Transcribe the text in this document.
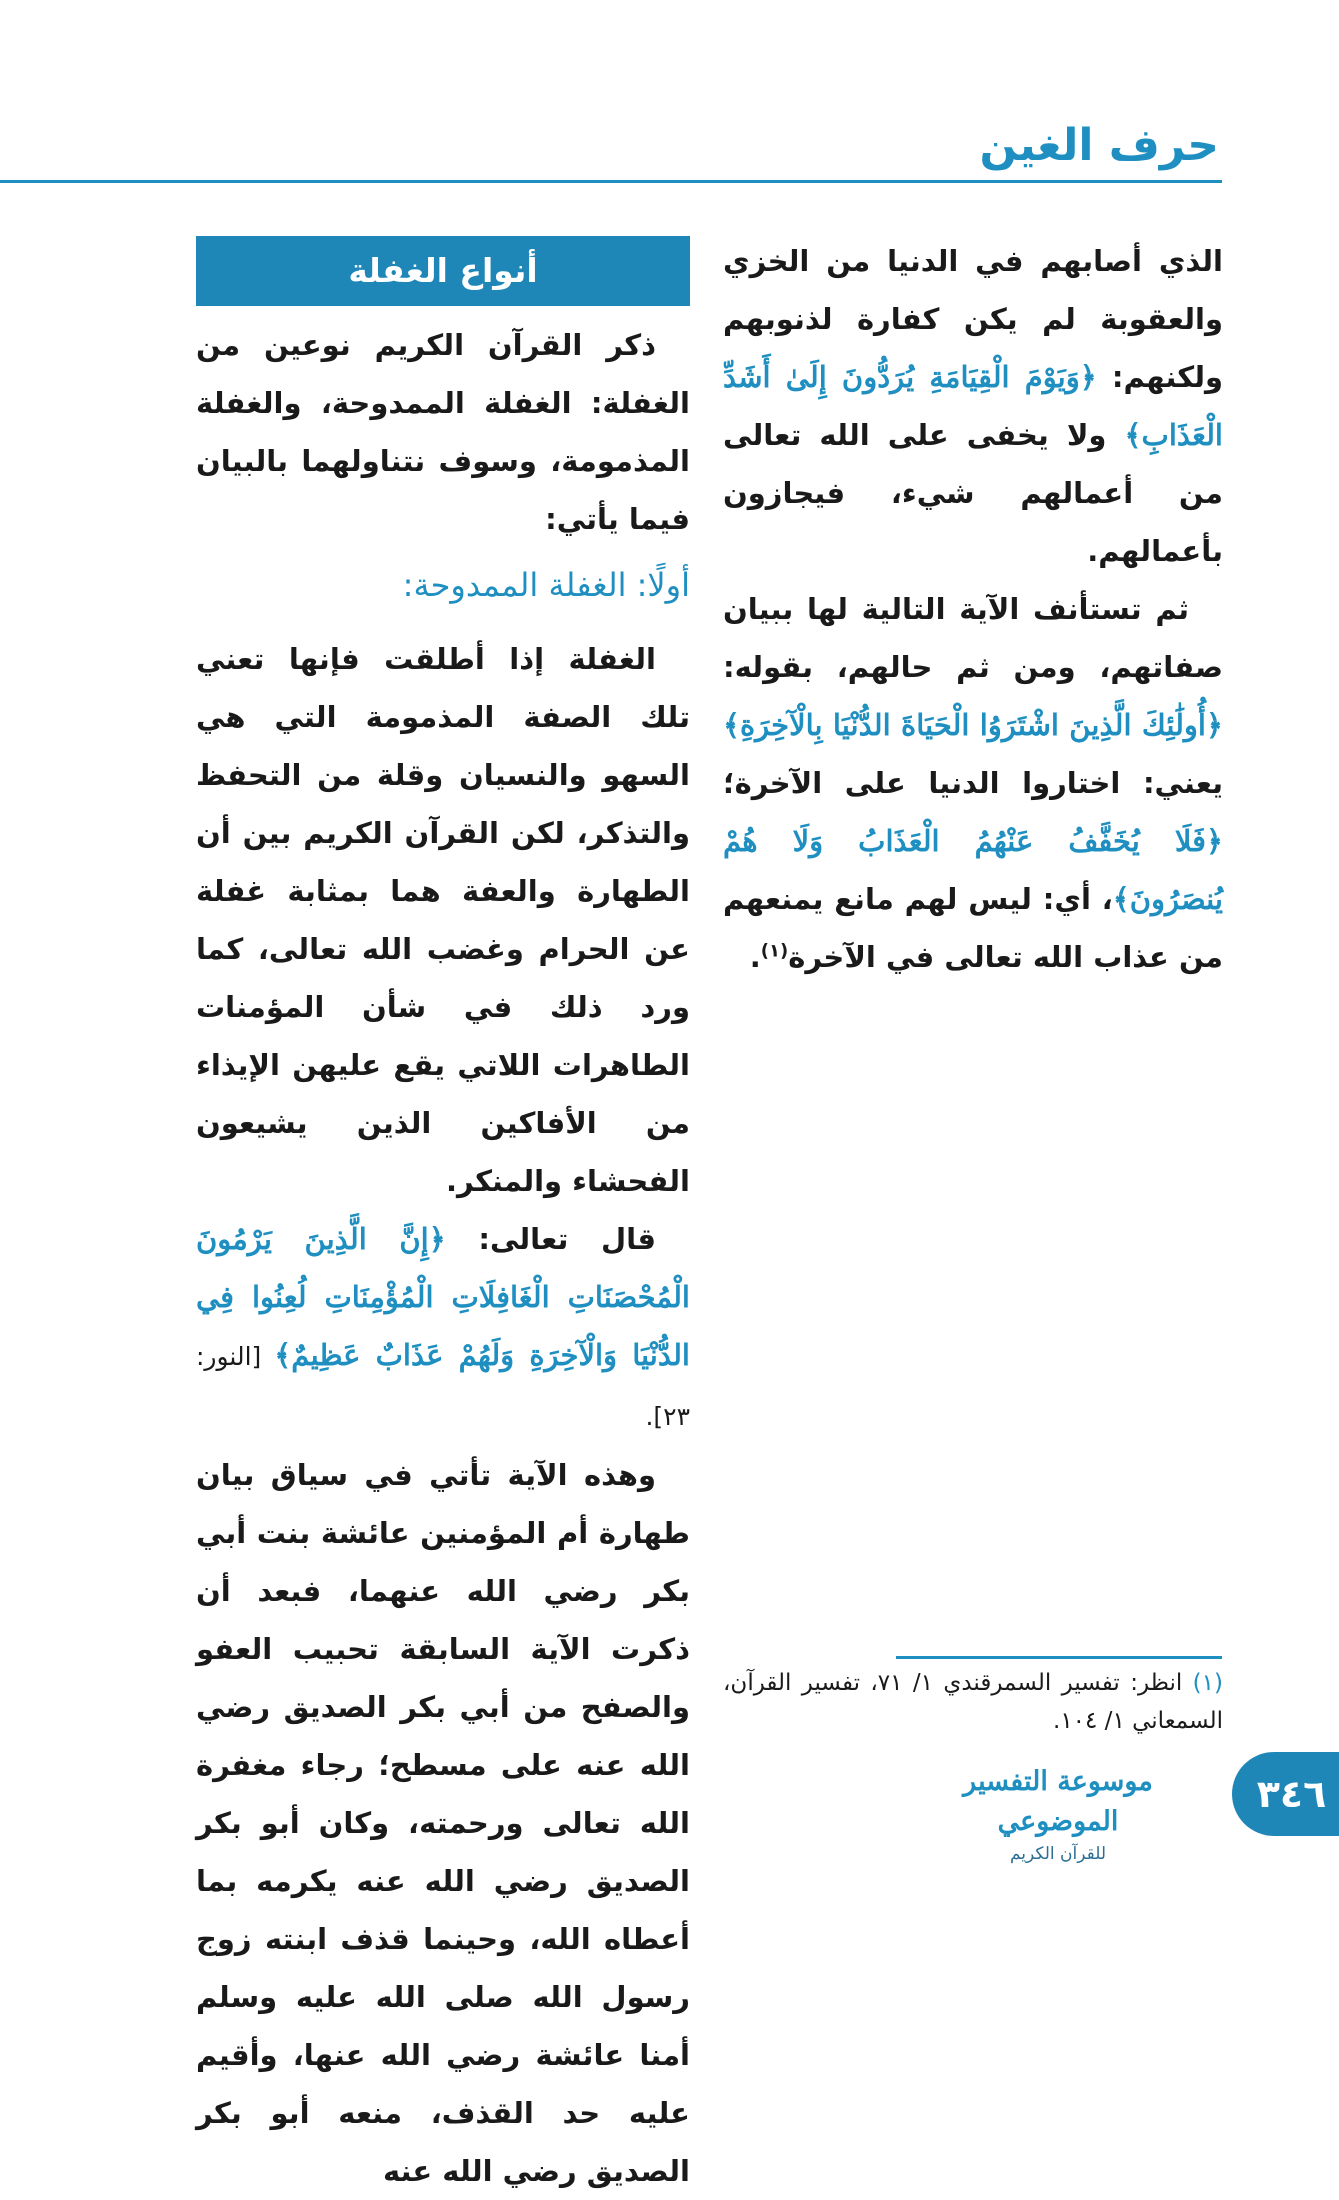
حرف الغين

الذي أصابهم في الدنيا من الخزي والعقوبة لم يكن كفارة لذنوبهم ولكنهم: ﴿وَيَوْمَ الْقِيَامَةِ يُرَدُّونَ إِلَىٰ أَشَدِّ الْعَذَابِ﴾ ولا يخفى على الله تعالى من أعمالهم شيء، فيجازون بأعمالهم.

ثم تستأنف الآية التالية لها ببيان صفاتهم، ومن ثم حالهم، بقوله: ﴿أُولَٰئِكَ الَّذِينَ اشْتَرَوُا الْحَيَاةَ الدُّنْيَا بِالْآخِرَةِ﴾ يعني: اختاروا الدنيا على الآخرة؛ ﴿فَلَا يُخَفَّفُ عَنْهُمُ الْعَذَابُ وَلَا هُمْ يُنصَرُونَ﴾، أي: ليس لهم مانع يمنعهم من عذاب الله تعالى في الآخرة$^{(١)}$.

أنواع الغفلة

ذكر القرآن الكريم نوعين من الغفلة: الغفلة الممدوحة، والغفلة المذمومة، وسوف نتناولهما بالبيان فيما يأتي:

أولًا: الغفلة الممدوحة:

الغفلة إذا أطلقت فإنها تعني تلك الصفة المذمومة التي هي السهو والنسيان وقلة من التحفظ والتذكر، لكن القرآن الكريم بين أن الطهارة والعفة هما بمثابة غفلة عن الحرام وغضب الله تعالى، كما ورد ذلك في شأن المؤمنات الطاهرات اللاتي يقع عليهن الإيذاء من الأفاكين الذين يشيعون الفحشاء والمنكر.

قال تعالى: ﴿إِنَّ الَّذِينَ يَرْمُونَ الْمُحْصَنَاتِ الْغَافِلَاتِ الْمُؤْمِنَاتِ لُعِنُوا فِي الدُّنْيَا وَالْآخِرَةِ وَلَهُمْ عَذَابٌ عَظِيمٌ﴾ [النور: ٢٣].

وهذه الآية تأتي في سياق بيان طهارة أم المؤمنين عائشة بنت أبي بكر رضي الله عنهما، فبعد أن ذكرت الآية السابقة تحبيب العفو والصفح من أبي بكر الصديق رضي الله عنه على مسطح؛ رجاء مغفرة الله تعالى ورحمته، وكان أبو بكر الصديق رضي الله عنه يكرمه بما أعطاه الله، وحينما قذف ابنته زوج رسول الله صلى الله عليه وسلم أمنا عائشة رضي الله عنها، وأقيم عليه حد القذف، منعه أبو بكر الصديق رضي الله عنه

(١) انظر: تفسير السمرقندي ١/ ٧١، تفسير القرآن، السمعاني ١/ ١٠٤.
موسوعة التفسير الموضوعي
للقرآن الكريم
٣٤٦
